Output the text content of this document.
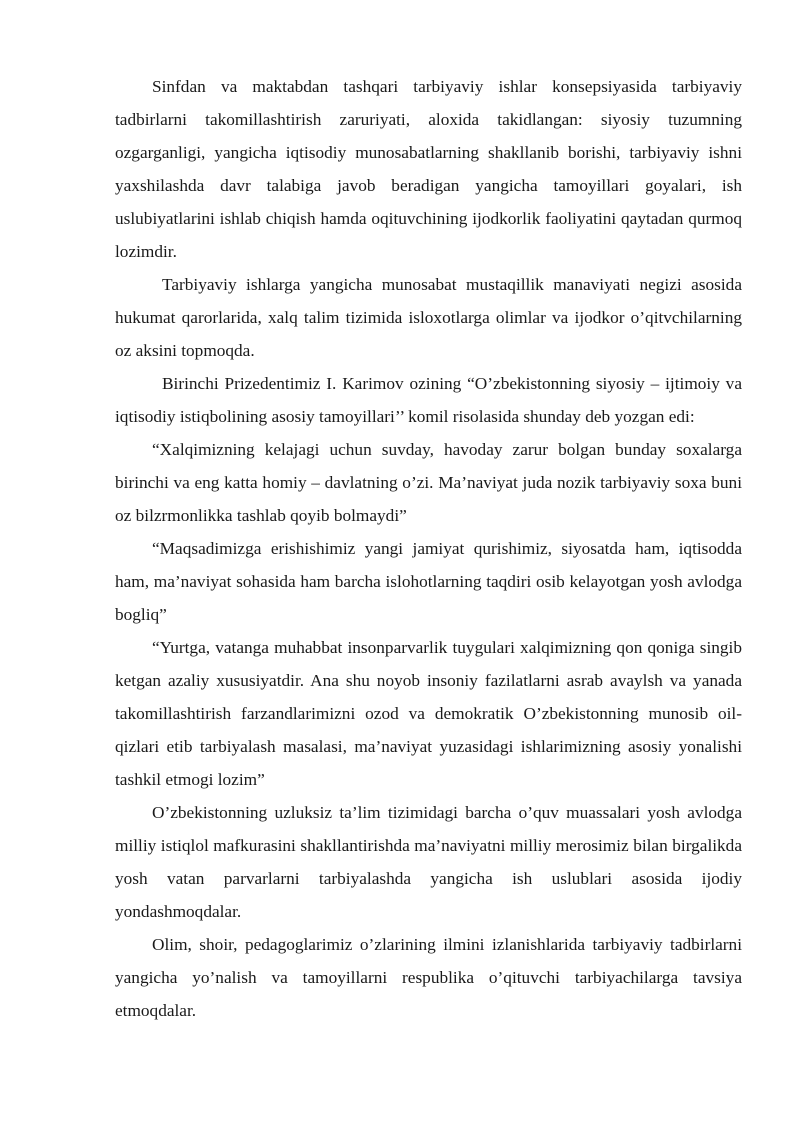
Sinfdan va maktabdan tashqari tarbiyaviy ishlar konsepsiyasida tarbiyaviy tadbirlarni takomillashtirish zaruriyati, aloxida takidlangan: siyosiy tuzumning ozgarganligi, yangicha iqtisodiy munosabatlarning shakllanib borishi, tarbiyaviy ishni yaxshilashda davr talabiga javob beradigan yangicha tamoyillari goyalari, ish uslubiyatlarini ishlab chiqish hamda oqituvchining ijodkorlik faoliyatini qaytadan qurmoq lozimdir.

Tarbiyaviy ishlarga yangicha munosabat mustaqillik manaviyati negizi asosida hukumat qarorlarida, xalq talim tizimida isloxotlarga olimlar va ijodkor o’qitvchilarning oz aksini topmoqda.

Birinchi Prizedentimiz I. Karimov ozining “O’zbekistonning siyosiy – ijtimoiy va iqtisodiy istiqbolining asosiy tamoyillari’’ komil risolasida shunday deb yozgan edi:

“Xalqimizning kelajagi uchun suvday, havoday zarur bolgan bunday soxalarga birinchi va eng katta homiy – davlatning o’zi. Ma’naviyat juda nozik tarbiyaviy soxa buni oz bilzrmonlikka tashlab qoyib bolmaydi”

“Maqsadimizga erishishimiz yangi jamiyat qurishimiz, siyosatda ham, iqtisodda ham, ma’naviyat sohasida ham barcha islohotlarning taqdiri osib kelayotgan yosh avlodga bogliq”

“Yurtga, vatanga muhabbat insonparvarlik tuygulari xalqimizning qon qoniga singib ketgan azaliy xususiyatdir. Ana shu noyob insoniy fazilatlarni asrab avaylsh va yanada takomillashtirish farzandlarimizni ozod va demokratik O’zbekistonning munosib oil-qizlari etib tarbiyalash masalasi, ma’naviyat yuzasidagi ishlarimizning asosiy yonalishi tashkil etmogi lozim”

O’zbekistonning uzluksiz ta’lim tizimidagi barcha o’quv muassalari yosh avlodga milliy istiqlol mafkurasini shakllantirishda ma’naviyatni milliy merosimiz bilan birgalikda yosh vatan parvarlarni tarbiyalashda yangicha ish uslublari asosida ijodiy yondashmoqdalar.

Olim, shoir, pedagoglarimiz o’zlarining ilmini izlanishlarida tarbiyaviy tadbirlarni yangicha yo’nalish va tamoyillarni respublika o’qituvchi tarbiyachilarga tavsiya etmoqdalar.
